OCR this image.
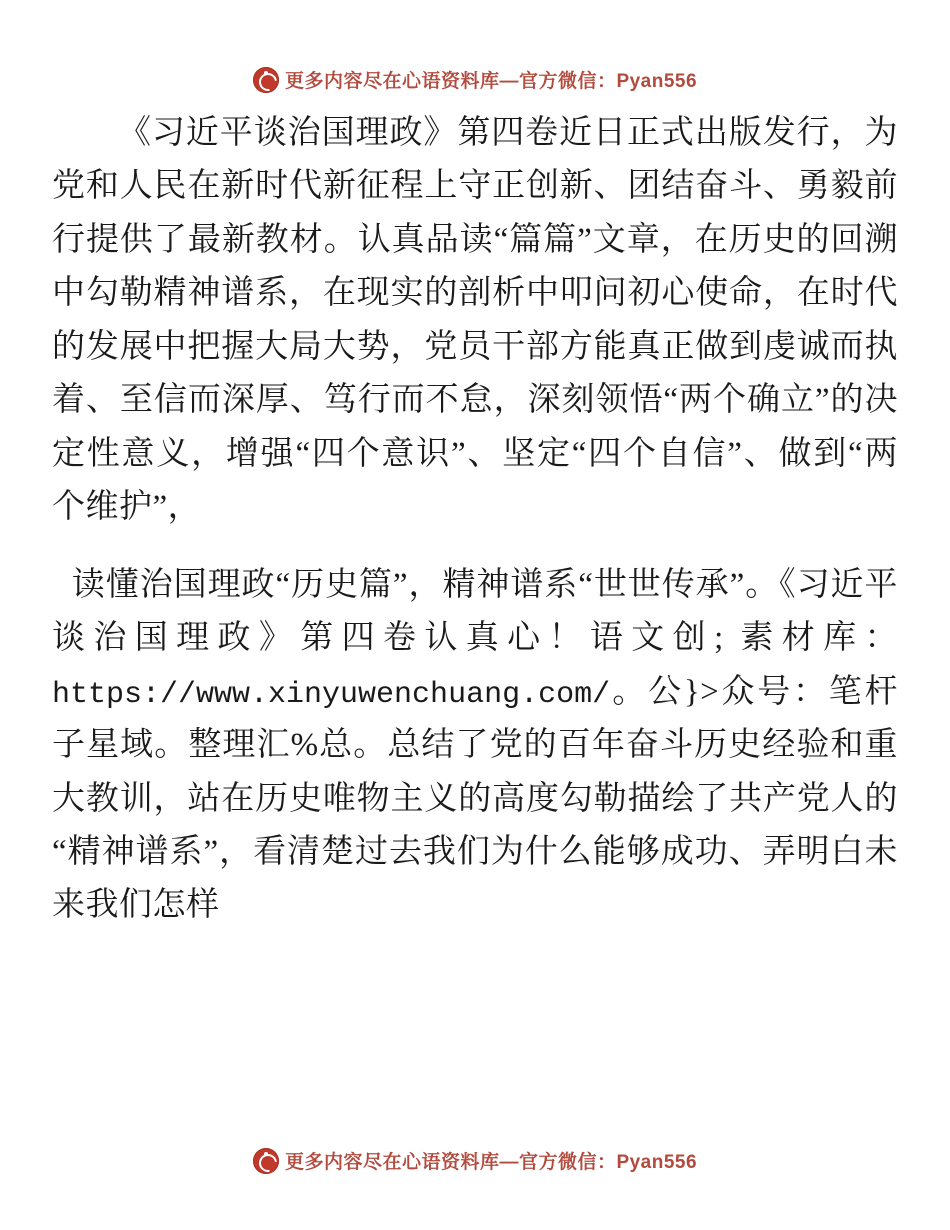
更多内容尽在心语资料库—官方微信：Pyan556

《习近平谈治国理政》第四卷近日正式出版发行，为党和人民在新时代新征程上守正创新、团结奋斗、勇毅前行提供了最新教材。认真品读“篇篇”文章，在历史的回溯中勾勒精神谱系，在现实的剖析中叩问初心使命，在时代的发展中把握大局大势，党员干部方能真正做到虔诚而执着、至信而深厚、笃行而不怠，深刻领悟“两个确立”的决定性意义，增强“四个意识”、坚定“四个自信”、做到“两个维护”，

读懂治国理政“历史篇”，精神谱系“世世传承”。《习近平谈治国理政》第四卷认真心！语文创; 素材库：https://www.xinyuwenchuang.com/。公}>众号：笔杆子星域。整理汇%总。总结了党的百年奋斗历史经验和重大教训，站在历史唯物主义的高度勾勒描绘了共产党人的“精神谱系”，看清楚过去我们为什么能够成功、弄明白未来我们怎样

更多内容尽在心语资料库—官方微信：Pyan556
